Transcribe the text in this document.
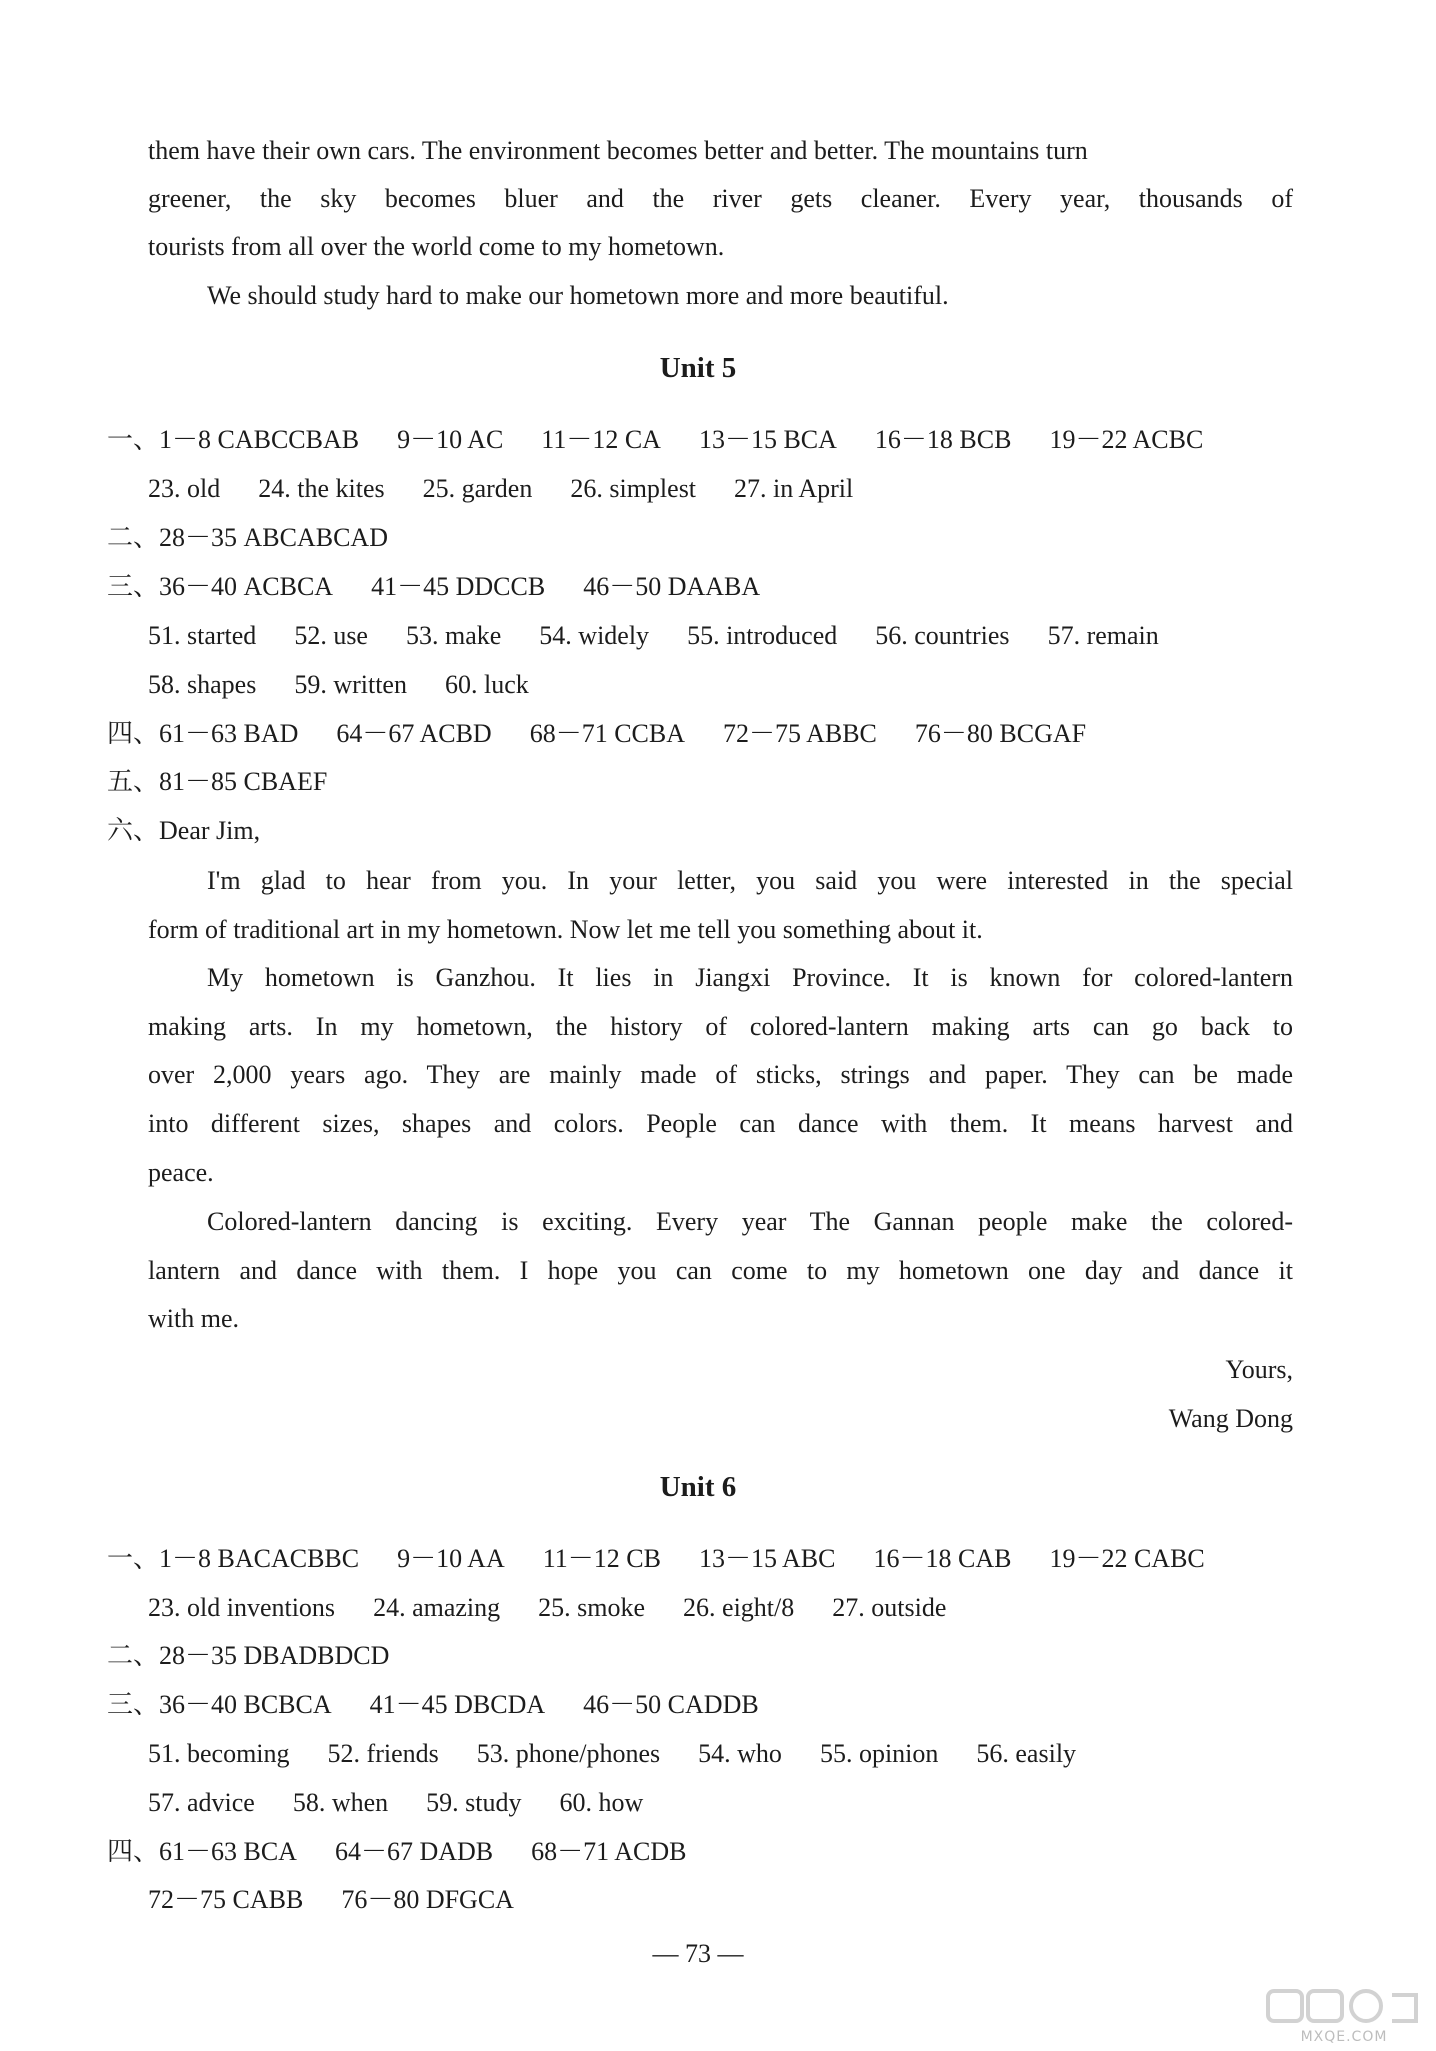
them have their own cars. The environment becomes better and better. The mountains turn
greener, the sky becomes bluer and the river gets cleaner. Every year, thousands of
tourists from all over the world come to my hometown.
We should study hard to make our hometown more and more beautiful.
Unit 5
一、1－8 CABCCBAB 9－10 AC 11－12 CA 13－15 BCA 16－18 BCB 19－22 ACBC
23. old 24. the kites 25. garden 26. simplest 27. in April
二、28－35 ABCABCAD
三、36－40 ACBCA 41－45 DDCCB 46－50 DAABA
51. started 52. use 53. make 54. widely 55. introduced 56. countries 57. remain
58. shapes 59. written 60. luck
四、61－63 BAD 64－67 ACBD 68－71 CCBA 72－75 ABBC 76－80 BCGAF
五、81－85 CBAEF
六、Dear Jim,
I'm glad to hear from you. In your letter, you said you were interested in the special
form of traditional art in my hometown. Now let me tell you something about it.
My hometown is Ganzhou. It lies in Jiangxi Province. It is known for colored-lantern
making arts. In my hometown, the history of colored-lantern making arts can go back to
over 2,000 years ago. They are mainly made of sticks, strings and paper. They can be made
into different sizes, shapes and colors. People can dance with them. It means harvest and
peace.
Colored-lantern dancing is exciting. Every year The Gannan people make the colored-
lantern and dance with them. I hope you can come to my hometown one day and dance it
with me.
Yours,
Wang Dong
Unit 6
一、1－8 BACACBBC 9－10 AA 11－12 CB 13－15 ABC 16－18 CAB 19－22 CABC
23. old inventions 24. amazing 25. smoke 26. eight/8 27. outside
二、28－35 DBADBDCD
三、36－40 BCBCA 41－45 DBCDA 46－50 CADDB
51. becoming 52. friends 53. phone/phones 54. who 55. opinion 56. easily
57. advice 58. when 59. study 60. how
四、61－63 BCA 64－67 DADB 68－71 ACDB
72－75 CABB 76－80 DFGCA
— 73 —
MXQE.COM
